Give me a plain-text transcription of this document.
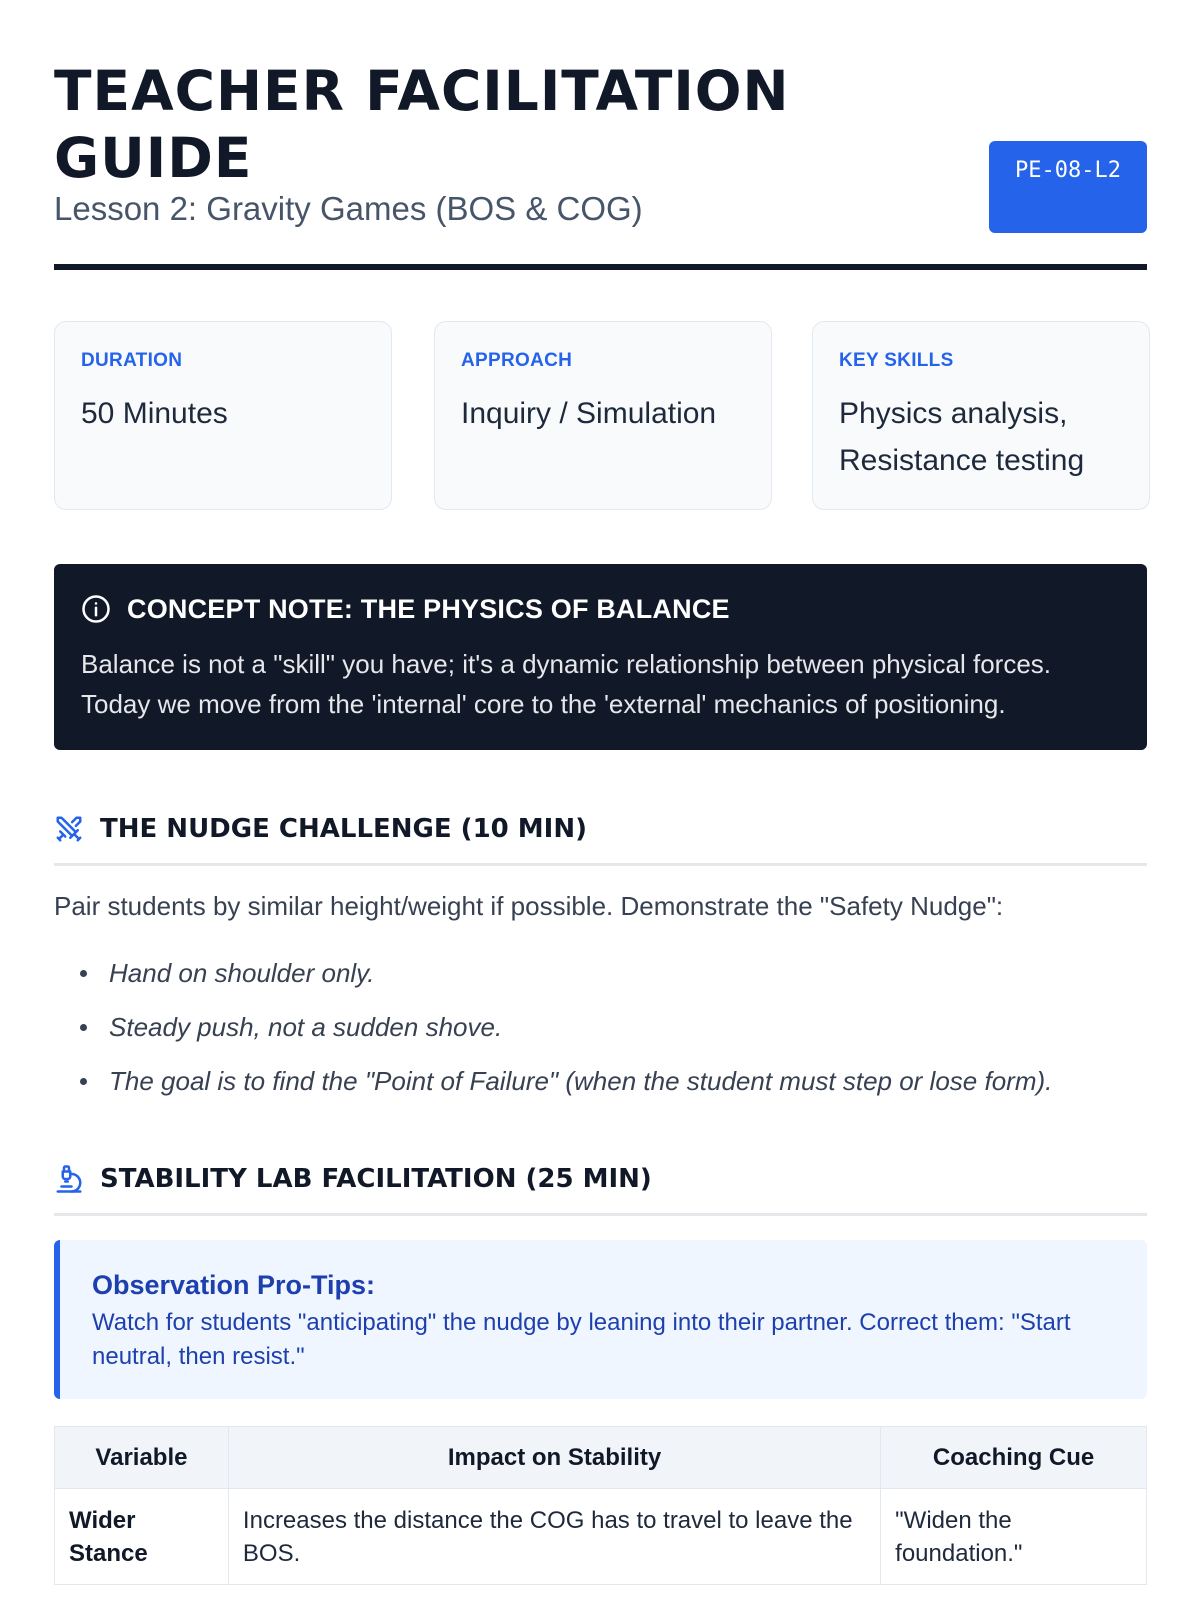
TEACHER FACILITATION GUIDE
Lesson 2: Gravity Games (BOS & COG)
PE-08-L2
DURATION
50 Minutes
APPROACH
Inquiry / Simulation
KEY SKILLS
Physics analysis, Resistance testing
CONCEPT NOTE: THE PHYSICS OF BALANCE

Balance is not a "skill" you have; it's a dynamic relationship between physical forces. Today we move from the 'internal' core to the 'external' mechanics of positioning.

THE NUDGE CHALLENGE (10 MIN)

Pair students by similar height/weight if possible. Demonstrate the "Safety Nudge":

Hand on shoulder only.
Steady push, not a sudden shove.
The goal is to find the "Point of Failure" (when the student must step or lose form).
STABILITY LAB FACILITATION (25 MIN)
Observation Pro-Tips:
Watch for students "anticipating" the nudge by leaning into their partner. Correct them: "Start neutral, then resist."
Variable	Impact on Stability	Coaching Cue
Wider Stance	Increases the distance the COG has to travel to leave the BOS.	"Widen the foundation."
